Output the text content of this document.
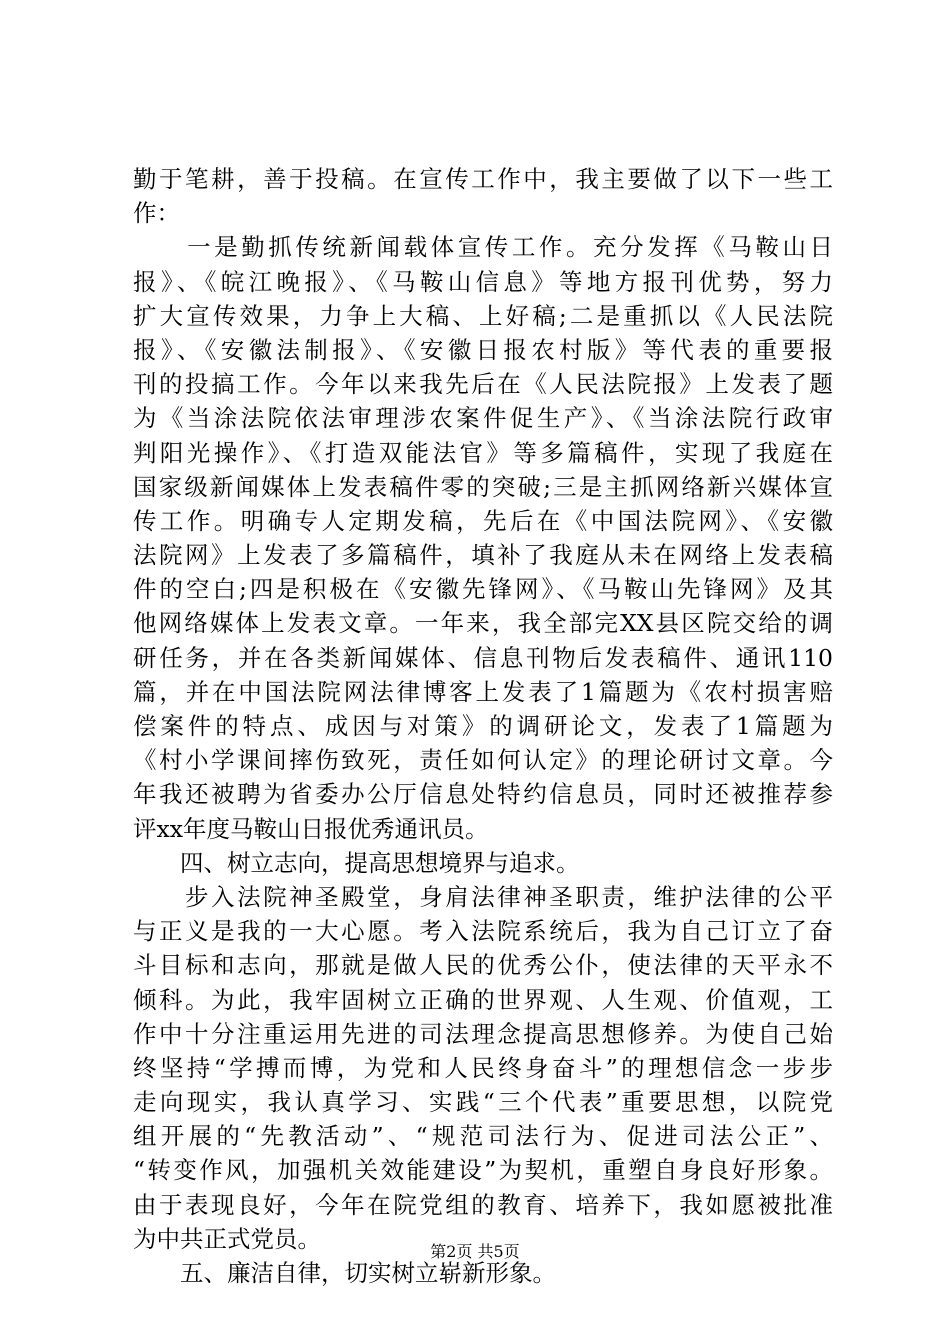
勤于笔耕，善于投稿。在宣传工作中，我主要做了以下一些工
作：
　　一是勤抓传统新闻载体宣传工作。充分发挥《马鞍山日
报》、《皖江晚报》、《马鞍山信息》等地方报刊优势，努力
扩大宣传效果，力争上大稿、上好稿;二是重抓以《人民法院
报》、《安徽法制报》、《安徽日报农村版》等代表的重要报
刊的投搞工作。今年以来我先后在《人民法院报》上发表了题
为《当涂法院依法审理涉农案件促生产》、《当涂法院行政审
判阳光操作》、《打造双能法官》等多篇稿件，实现了我庭在
国家级新闻媒体上发表稿件零的突破;三是主抓网络新兴媒体宣
传工作。明确专人定期发稿，先后在《中国法院网》、《安徽
法院网》上发表了多篇稿件，填补了我庭从未在网络上发表稿
件的空白;四是积极在《安徽先锋网》、《马鞍山先锋网》及其
他网络媒体上发表文章。一年来，我全部完XX县区院交给的调
研任务，并在各类新闻媒体、信息刊物后发表稿件、通讯110
篇，并在中国法院网法律博客上发表了1篇题为《农村损害赔
偿案件的特点、成因与对策》的调研论文，发表了1篇题为
《村小学课间摔伤致死，责任如何认定》的理论研讨文章。今
年我还被聘为省委办公厅信息处特约信息员，同时还被推荐参
评xx年度马鞍山日报优秀通讯员。
　　四、树立志向，提高思想境界与追求。
　　步入法院神圣殿堂，身肩法律神圣职责，维护法律的公平
与正义是我的一大心愿。考入法院系统后，我为自己订立了奋
斗目标和志向，那就是做人民的优秀公仆，使法律的天平永不
倾科。为此，我牢固树立正确的世界观、人生观、价值观，工
作中十分注重运用先进的司法理念提高思想修养。为使自己始
终坚持“学搏而博，为党和人民终身奋斗”的理想信念一步步
走向现实，我认真学习、实践“三个代表”重要思想，以院党
组开展的“先教活动”、“规范司法行为、促进司法公正”、
“转变作风，加强机关效能建设”为契机，重塑自身良好形象。
由于表现良好，今年在院党组的教育、培养下，我如愿被批准
为中共正式党员。
　　五、廉洁自律，切实树立崭新形象。
第2页 共5页
